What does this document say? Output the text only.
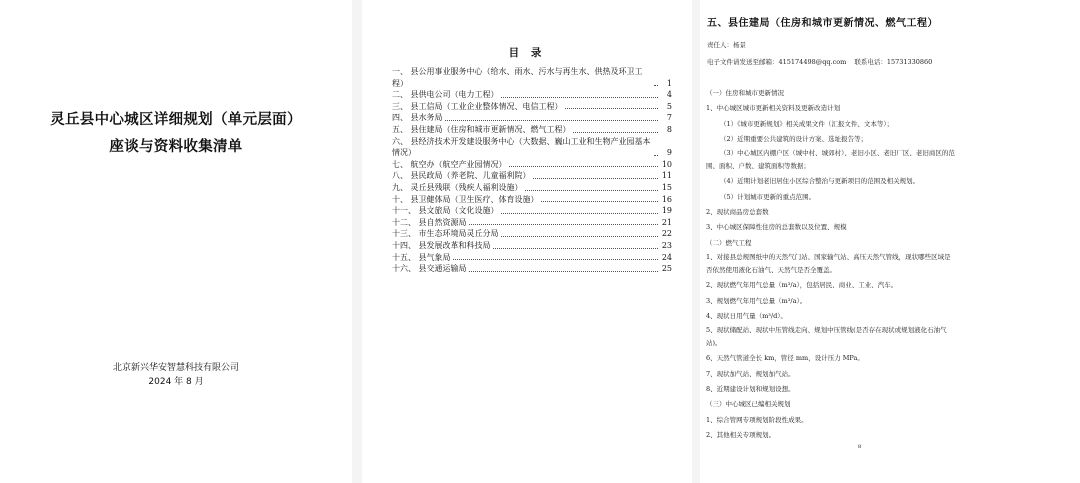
灵丘县中心城区详细规划（单元层面）
座谈与资料收集清单
北京新兴华安智慧科技有限公司
2024 年 8 月
目 录
一、 县公用事业服务中心（给水、雨水、污水与再生水、供热及环卫工程）	1
二、 县供电公司（电力工程）	4
三、 县工信局（工业企业整体情况、电信工程）	5
四、 县水务局	7
五、 县住建局（住房和城市更新情况、燃气工程）	8
六、 县经济技术开发建设服务中心（大数据、巍山工业和生物产业园基本情况）	9
七、 航空办（航空产业园情况）	10
八、 县民政局（养老院、儿童福利院）	11
九、 灵丘县残联（残疾人福利设施）	15
十、 县卫健体局（卫生医疗、体育设施）	16
十一、 县文旅局（文化设施）	19
十二、 县自然资源局	21
十三、 市生态环境局灵丘分局	22
十四、 县发展改革和科技局	23
十五、 县气象局	24
十六、 县交通运输局	25
五、县住建局（住房和城市更新情况、燃气工程）
责任人：杨景
电子文件请发送至邮箱：415174498@qq.com 联系电话：15731330860
（一）住房和城市更新情况
1、中心城区城市更新相关资料及更新改造计划
（1）《城市更新规划》相关成果文件（汇报文件、文本等）；
（2）近期重要公共建筑的设计方案、选址报告等；
（3）中心城区内棚户区（城中村、城郊村）、老旧小区、老旧厂区、老旧商区的范
围、面积、户数、建筑面积等数据；
（4）近期计划老旧居住小区综合整治与更新项目的范围及相关规划。
（5）计划城市更新的重点范围。
2、现状商品房总套数
3、中心城区保障性住房的总套数以及位置、规模
（二）燃气工程
1、对接县总规图纸中的天然气门站、国家输气站、高压天然气管线，现状哪些区域是
否依然使用液化石油气、天然气是否全覆盖。
2、现状燃气年用气总量（m³/a），包括居民、商业、工业、汽车。
3、规划燃气年用气总量（m³/a）。
4、现状日用气量（m³/d）。
5、现状储配站、现状中压管线走向、规划中压管线(是否存在现状或规划液化石油气
站)。
6、天然气管道全长 km，管径 mm，设计压力 MPa。
7、现状加气站、规划加气站。
8、近期建设计划和规划设想。
（三）中心城区已编相关规划
1、综合管网专项规划阶段性成果。
2、其他相关专项规划。
8
